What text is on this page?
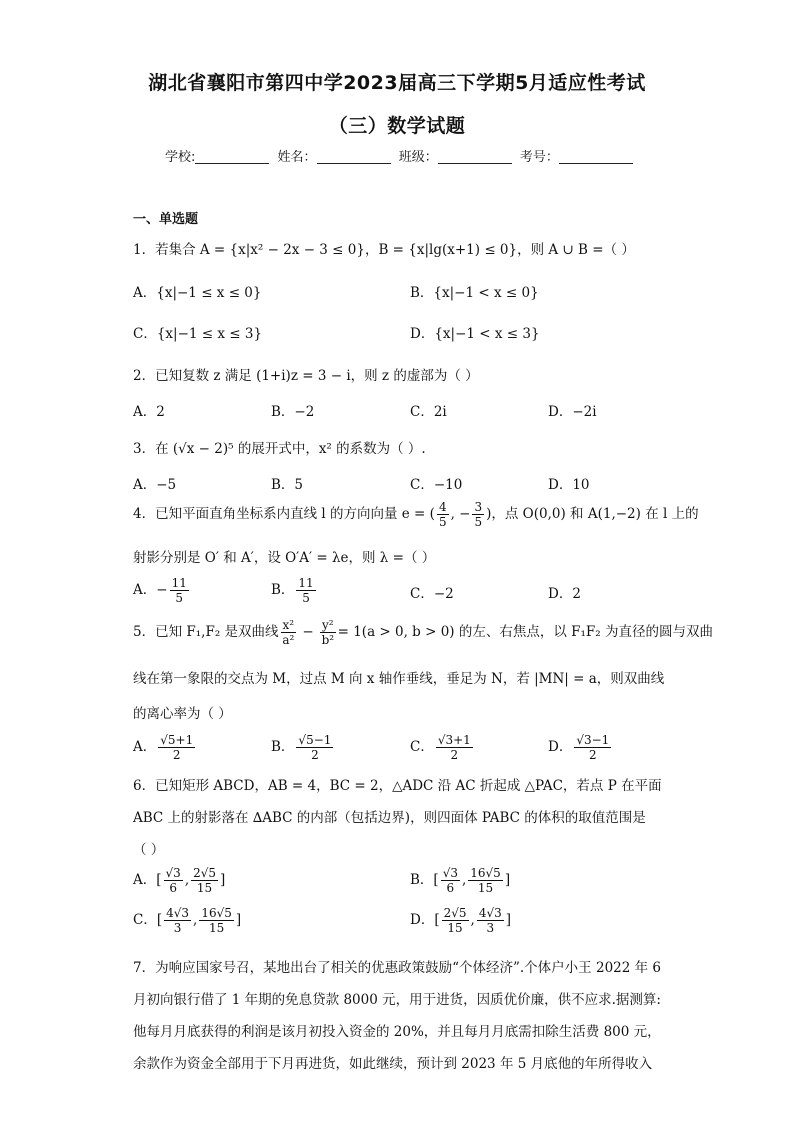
湖北省襄阳市第四中学2023届高三下学期5月适应性考试
（三）数学试题
学校:	姓名：	班级：	考号：
一、单选题
1．若集合 A = {x|x² − 2x − 3 ≤ 0}，B = {x|lg(x+1) ≤ 0}，则 A ∪ B =（ ）
A．{x|−1 ≤ x ≤ 0}	B．{x|−1 < x ≤ 0}
C．{x|−1 ≤ x ≤ 3}	D．{x|−1 < x ≤ 3}
2．已知复数 z 满足 (1+i)z = 3 − i，则 z 的虚部为（ ）
A．2	B．−2	C．2i	D．−2i
3．在 (√x − 2)⁵ 的展开式中，x² 的系数为（ ）.
A．−5	B．5	C．−10	D．10
4．已知平面直角坐标系内直线 l 的方向向量 e = ( $\frac{4}{5}$ , − $\frac{3}{5}$ )，点 O(0,0) 和 A(1,−2) 在 l 上的
射影分别是 O′ 和 A′，设 O′A′ = λe，则 λ =（ ）
A．− $\frac{11}{5}$	B． $\frac{11}{5}$	C．−2	D．2
5．已知 F₁,F₂ 是双曲线 $\frac{\text{x²}}{\text{a²}} - \frac{\text{y²}}{\text{b²}} = 1(a > 0$, b > 0) 的左、右焦点，以 F₁F₂ 为直径的圆与双曲
线在第一象限的交点为 M，过点 M 向 x 轴作垂线，垂足为 N，若 |MN| = a，则双曲线
的离心率为（ ）
A． $\frac{√5+1}{2}$	B． $\frac{√5-1}{2}$	C． $\frac{√3+1}{2}$	D． $\frac{√3-1}{2}$
6．已知矩形 ABCD，AB = 4，BC = 2，△ADC 沿 AC 折起成 △PAC，若点 P 在平面
ABC 上的射影落在 ∆ABC 的内部（包括边界)，则四面体 PABC 的体积的取值范围是
（ ）
A．[ $\frac{√3}{6}$ , $\frac{2√5}{15}$ ]	B．[ $\frac{√3}{6}$ , $\frac{16√5}{15}$ ]
C．[ $\frac{4√3}{3}$ , $\frac{16√5}{15}$ ]	D．[ $\frac{2√5}{15}$ , $\frac{4√3}{3}$ ]
7．为响应国家号召，某地出台了相关的优惠政策鼓励“个体经济”.个体户小王 2022 年 6
月初向银行借了 1 年期的免息贷款 8000 元，用于进货，因质优价廉，供不应求.据测算:
他每月月底获得的利润是该月初投入资金的 20%，并且每月月底需扣除生活费 800 元，
余款作为资金全部用于下月再进货，如此继续，预计到 2023 年 5 月底他的年所得收入
